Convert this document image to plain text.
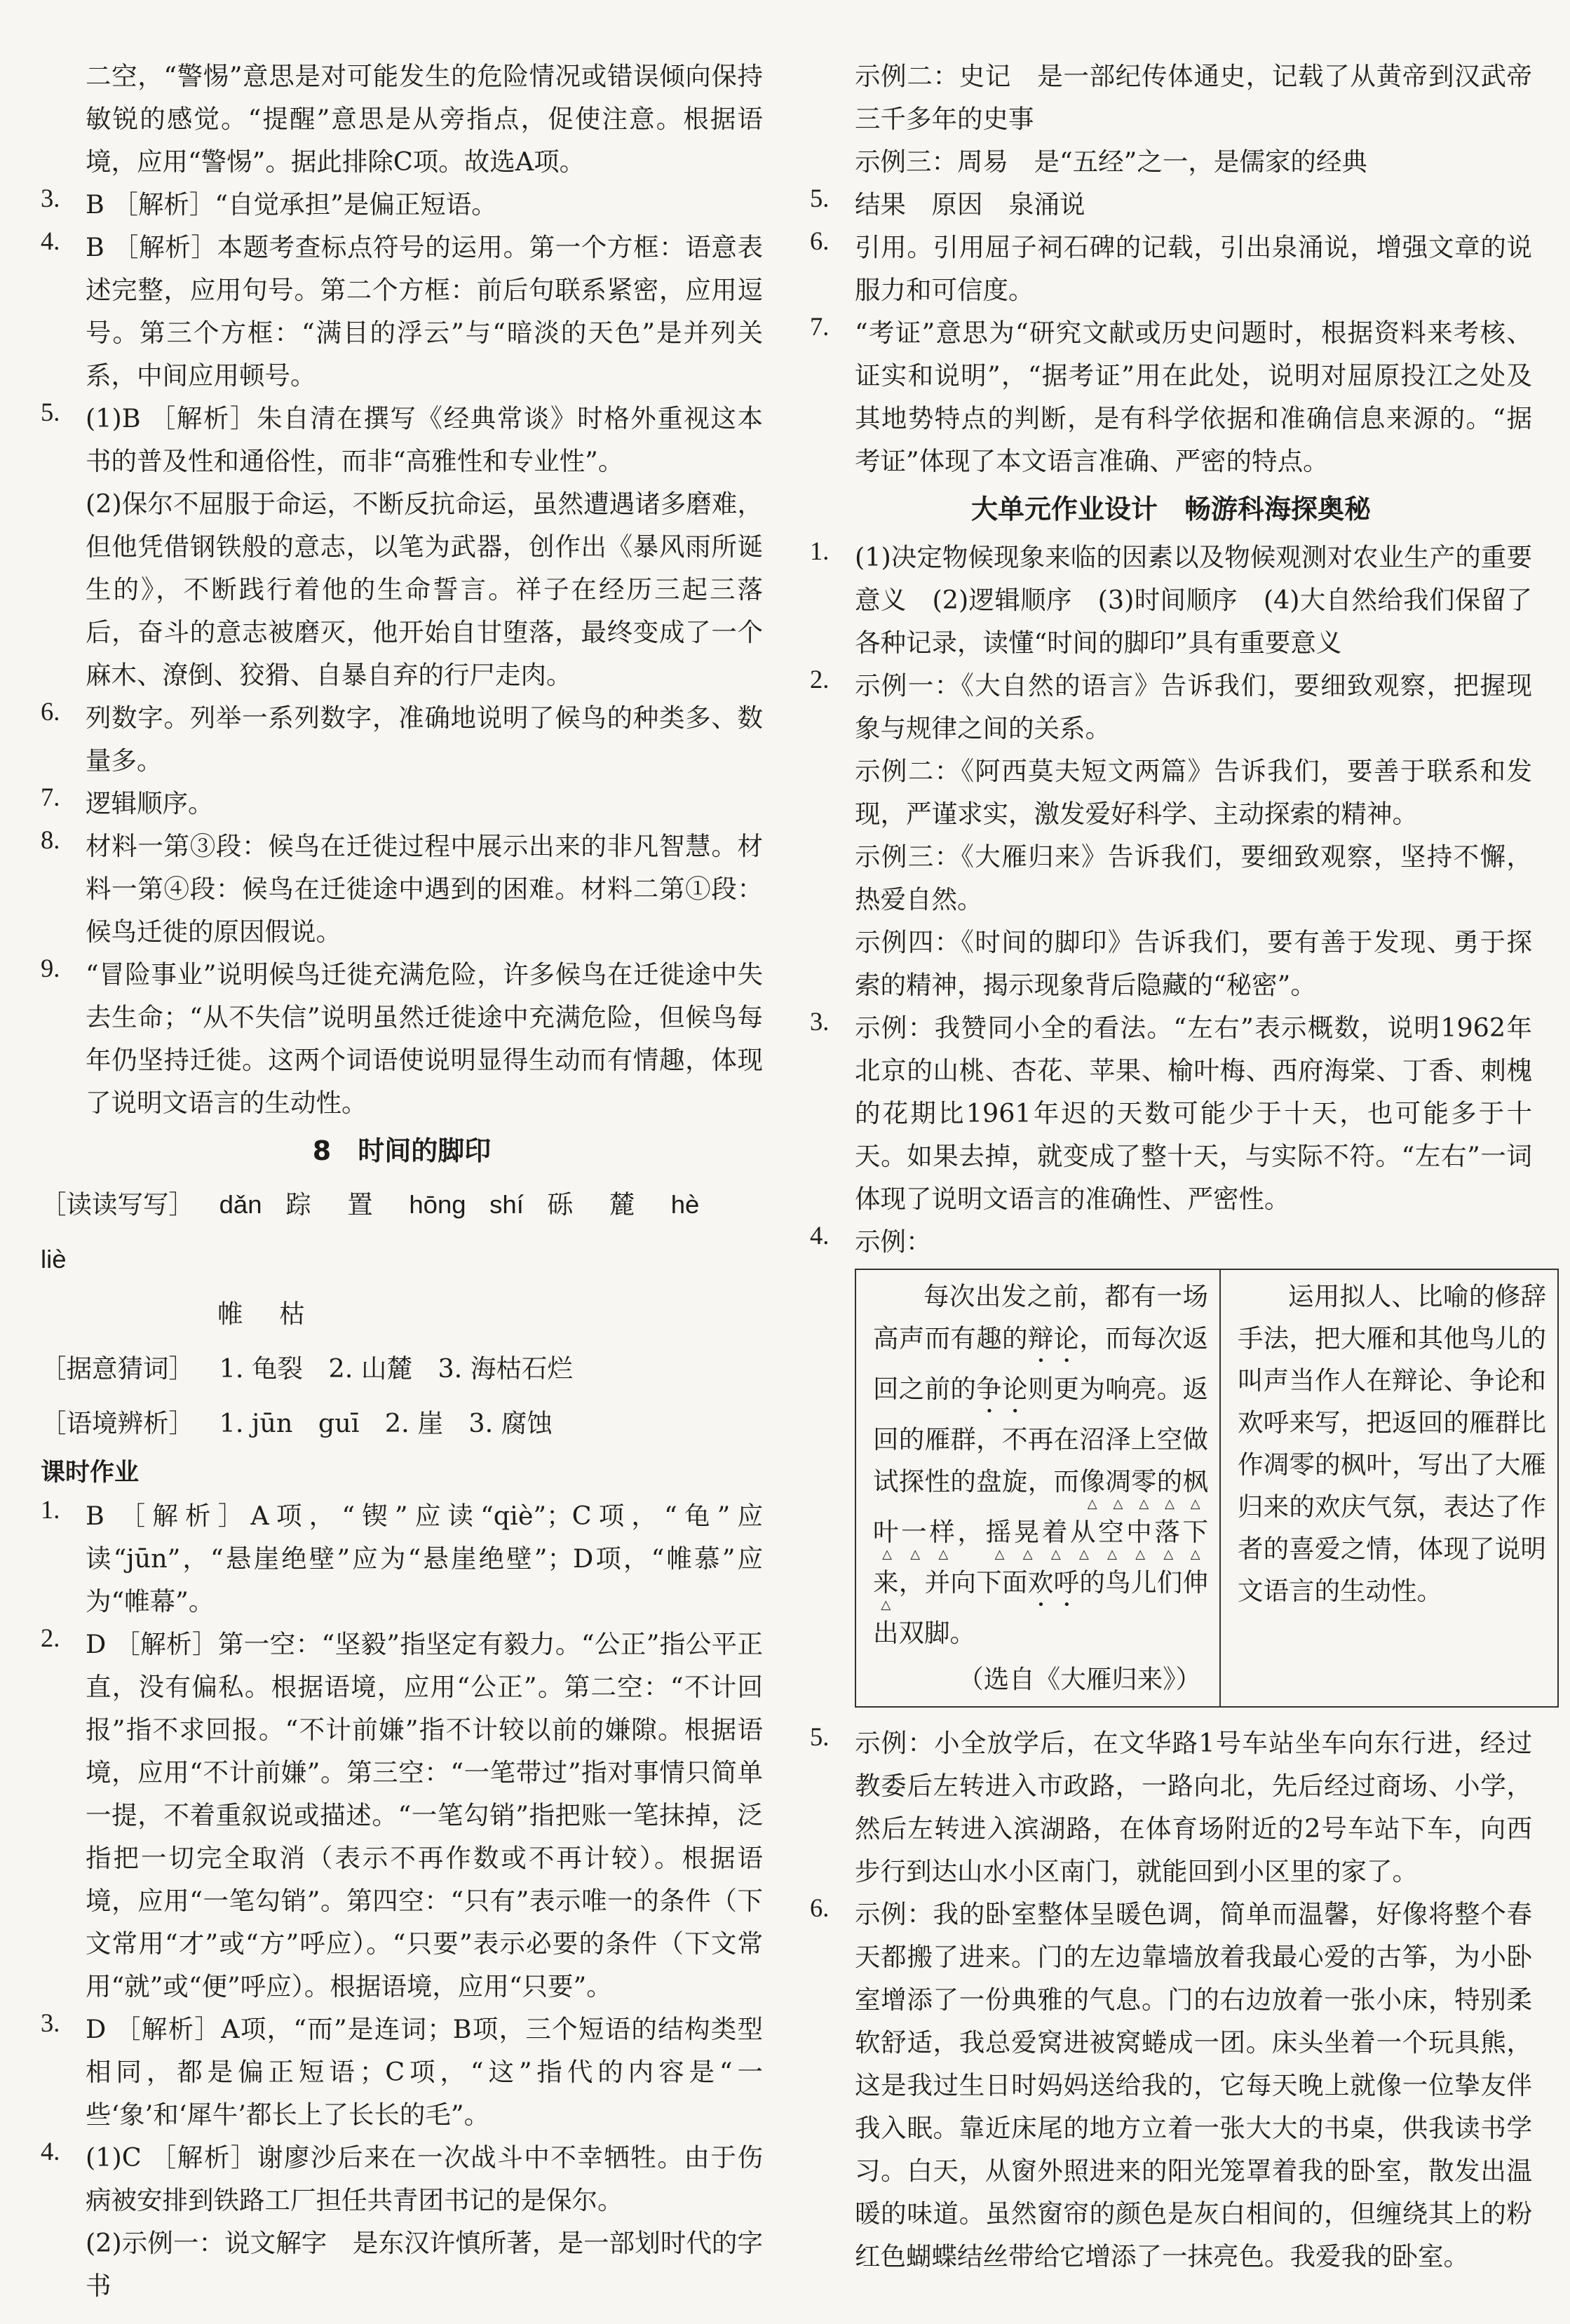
二空，“警惕”意思是对可能发生的危险情况或错误倾向保持敏锐的感觉。“提醒”意思是从旁指点，促使注意。根据语境，应用“警惕”。据此排除C项。故选A项。

3.	B ［解析］“自觉承担”是偏正短语。

4.	B ［解析］本题考查标点符号的运用。第一个方框：语意表述完整，应用句号。第二个方框：前后句联系紧密，应用逗号。第三个方框：“满目的浮云”与“暗淡的天色”是并列关系，中间应用顿号。

5.	(1)B ［解析］朱自清在撰写《经典常谈》时格外重视这本书的普及性和通俗性，而非“高雅性和专业性”。

(2)保尔不屈服于命运，不断反抗命运，虽然遭遇诸多磨难，但他凭借钢铁般的意志，以笔为武器，创作出《暴风雨所诞生的》，不断践行着他的生命誓言。祥子在经历三起三落后，奋斗的意志被磨灭，他开始自甘堕落，最终变成了一个麻木、潦倒、狡猾、自暴自弃的行尸走肉。

6.	列数字。列举一系列数字，准确地说明了候鸟的种类多、数量多。

7.	逻辑顺序。

8.	材料一第③段：候鸟在迁徙过程中展示出来的非凡智慧。材料一第④段：候鸟在迁徙途中遇到的困难。材料二第①段：候鸟迁徙的原因假说。

9.	“冒险事业”说明候鸟迁徙充满危险，许多候鸟在迁徙途中失去生命；“从不失信”说明虽然迁徙途中充满危险，但候鸟每年仍坚持迁徙。这两个词语使说明显得生动而有情趣，体现了说明文语言的生动性。

8　时间的脚印

［读读写写］ dǎn 踪 置 hōng shí 砾 麓 hè liè

帷 枯

［据意猜词］ 1. 龟裂　2. 山麓　3. 海枯石烂

［语境辨析］ 1. jūn　guī　2. 崖　3. 腐蚀

课时作业
1.	B ［解析］A项，“锲”应读“qiè”；C项，“龟”应读“jūn”，“悬崖绝壁”应为“悬崖绝壁”；D项，“帷慕”应为“帷幕”。

2.	D ［解析］第一空：“坚毅”指坚定有毅力。“公正”指公平正直，没有偏私。根据语境，应用“公正”。第二空：“不计回报”指不求回报。“不计前嫌”指不计较以前的嫌隙。根据语境，应用“不计前嫌”。第三空：“一笔带过”指对事情只简单一提，不着重叙说或描述。“一笔勾销”指把账一笔抹掉，泛指把一切完全取消（表示不再作数或不再计较）。根据语境，应用“一笔勾销”。第四空：“只有”表示唯一的条件（下文常用“才”或“方”呼应）。“只要”表示必要的条件（下文常用“就”或“便”呼应）。根据语境，应用“只要”。

3.	D ［解析］A项，“而”是连词；B项，三个短语的结构类型相同，都是偏正短语；C项，“这”指代的内容是“一些‘象’和‘犀牛’都长上了长长的毛”。

4.	(1)C ［解析］谢廖沙后来在一次战斗中不幸牺牲。由于伤病被安排到铁路工厂担任共青团书记的是保尔。

(2)示例一：说文解字　是东汉许慎所著，是一部划时代的字书

示例二：史记　是一部纪传体通史，记载了从黄帝到汉武帝三千多年的史事

示例三：周易　是“五经”之一，是儒家的经典

5.	结果　原因　泉涌说

6.	引用。引用屈子祠石碑的记载，引出泉涌说，增强文章的说服力和可信度。

7.	“考证”意思为“研究文献或历史问题时，根据资料来考核、证实和说明”，“据考证”用在此处，说明对屈原投江之处及其地势特点的判断，是有科学依据和准确信息来源的。“据考证”体现了本文语言准确、严密的特点。

大单元作业设计　畅游科海探奥秘
1.	(1)决定物候现象来临的因素以及物候观测对农业生产的重要意义　(2)逻辑顺序　(3)时间顺序　(4)大自然给我们保留了各种记录，读懂“时间的脚印”具有重要意义

2.	示例一：《大自然的语言》告诉我们，要细致观察，把握现象与规律之间的关系。

示例二：《阿西莫夫短文两篇》告诉我们，要善于联系和发现，严谨求实，激发爱好科学、主动探索的精神。

示例三：《大雁归来》告诉我们，要细致观察，坚持不懈，热爱自然。

示例四：《时间的脚印》告诉我们，要有善于发现、勇于探索的精神，揭示现象背后隐藏的“秘密”。

3.	示例：我赞同小全的看法。“左右”表示概数，说明1962年北京的山桃、杏花、苹果、榆叶梅、西府海棠、丁香、刺槐的花期比1961年迟的天数可能少于十天，也可能多于十天。如果去掉，就变成了整十天，与实际不符。“左右”一词体现了说明文语言的准确性、严密性。

4.	示例：

每次出发之前，都有一场高声而有趣的辩论，而每次返回之前的争论则更为响亮。返回的雁群，不再在沼泽上空做试探性的盘旋，而像凋零的枫叶一样，摇晃着从空中落下来，并向下面欢呼的鸟儿们伸出双脚。
（选自《大雁归来》）
运用拟人、比喻的修辞手法，把大雁和其他鸟儿的叫声当作人在辩论、争论和欢呼来写，把返回的雁群比作凋零的枫叶，写出了大雁归来的欢庆气氛，表达了作者的喜爱之情，体现了说明文语言的生动性。
5.	示例：小全放学后，在文华路1号车站坐车向东行进，经过教委后左转进入市政路，一路向北，先后经过商场、小学，然后左转进入滨湖路，在体育场附近的2号车站下车，向西步行到达山水小区南门，就能回到小区里的家了。

6.	示例：我的卧室整体呈暖色调，简单而温馨，好像将整个春天都搬了进来。门的左边靠墙放着我最心爱的古筝，为小卧室增添了一份典雅的气息。门的右边放着一张小床，特别柔软舒适，我总爱窝进被窝蜷成一团。床头坐着一个玩具熊，这是我过生日时妈妈送给我的，它每天晚上就像一位挚友伴我入眠。靠近床尾的地方立着一张大大的书桌，供我读书学习。白天，从窗外照进来的阳光笼罩着我的卧室，散发出温暖的味道。虽然窗帘的颜色是灰白相间的，但缠绕其上的粉红色蝴蝶结丝带给它增添了一抹亮色。我爱我的卧室。
